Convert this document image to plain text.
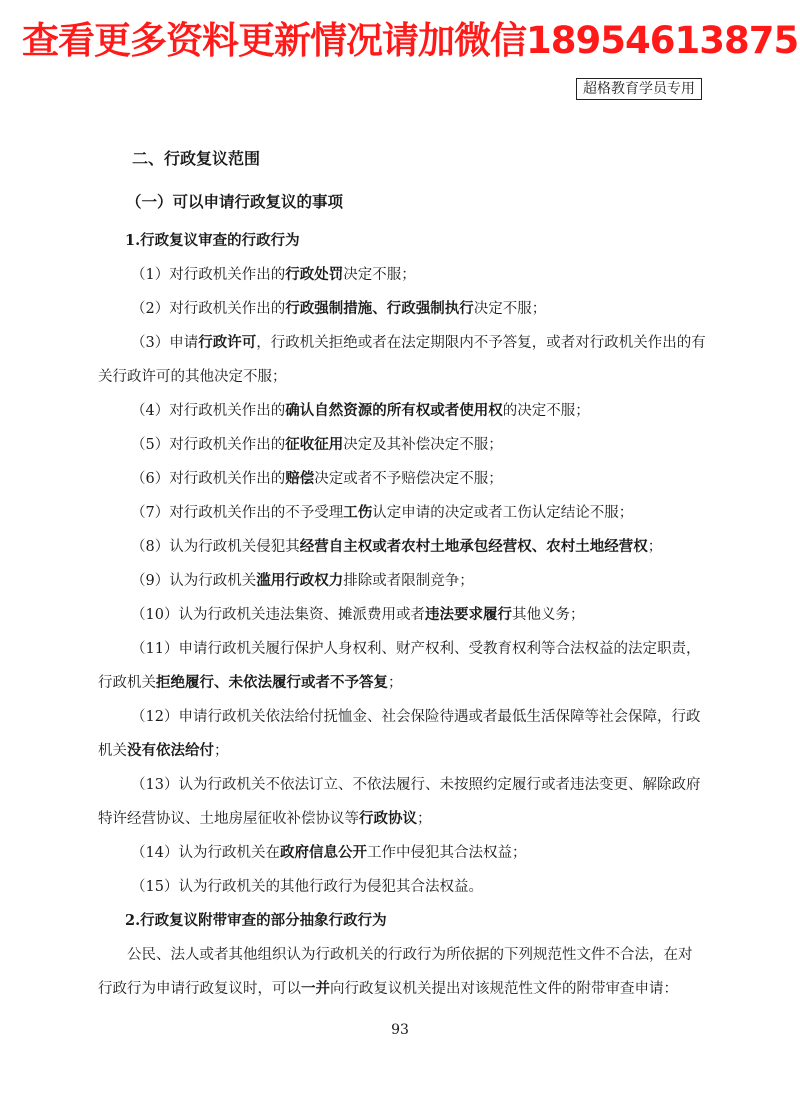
查看更多资料更新情况请加微信18954613875
超格教育学员专用
二、行政复议范围
（一）可以申请行政复议的事项
1.行政复议审查的行政行为
（1）对行政机关作出的行政处罚决定不服；
（2）对行政机关作出的行政强制措施、行政强制执行决定不服；
（3）申请行政许可，行政机关拒绝或者在法定期限内不予答复，或者对行政机关作出的有
关行政许可的其他决定不服；
（4）对行政机关作出的确认自然资源的所有权或者使用权的决定不服；
（5）对行政机关作出的征收征用决定及其补偿决定不服；
（6）对行政机关作出的赔偿决定或者不予赔偿决定不服；
（7）对行政机关作出的不予受理工伤认定申请的决定或者工伤认定结论不服；
（8）认为行政机关侵犯其经营自主权或者农村土地承包经营权、农村土地经营权；
（9）认为行政机关滥用行政权力排除或者限制竞争；
（10）认为行政机关违法集资、摊派费用或者违法要求履行其他义务；
（11）申请行政机关履行保护人身权利、财产权利、受教育权利等合法权益的法定职责，
行政机关拒绝履行、未依法履行或者不予答复；
（12）申请行政机关依法给付抚恤金、社会保险待遇或者最低生活保障等社会保障，行政
机关没有依法给付；
（13）认为行政机关不依法订立、不依法履行、未按照约定履行或者违法变更、解除政府
特许经营协议、土地房屋征收补偿协议等行政协议；
（14）认为行政机关在政府信息公开工作中侵犯其合法权益；
（15）认为行政机关的其他行政行为侵犯其合法权益。
2.行政复议附带审查的部分抽象行政行为
公民、法人或者其他组织认为行政机关的行政行为所依据的下列规范性文件不合法，在对
行政行为申请行政复议时，可以一并向行政复议机关提出对该规范性文件的附带审查申请：
93
